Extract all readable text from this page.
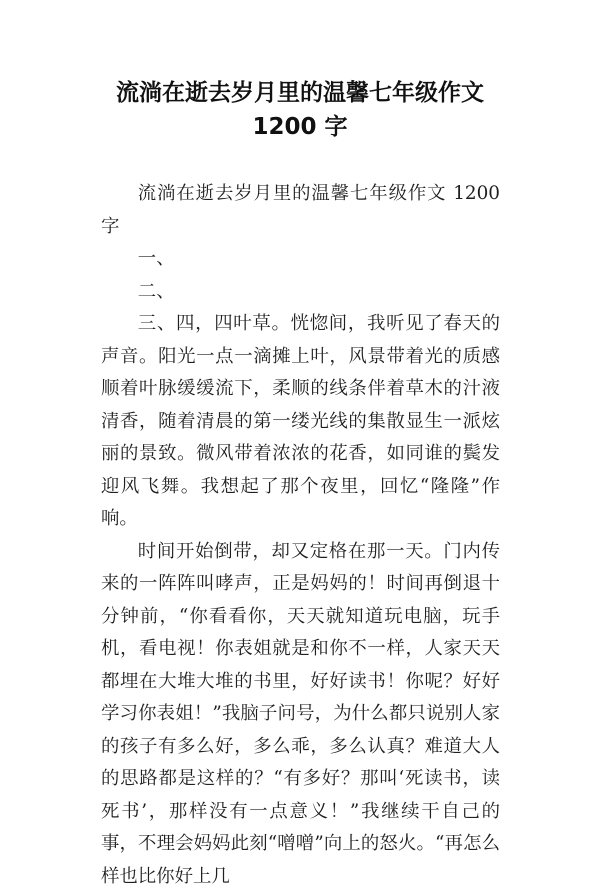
流淌在逝去岁月里的温馨七年级作文
1200 字

流淌在逝去岁月里的温馨七年级作文 1200 字

一、

二、

三、四，四叶草。恍惚间，我听见了春天的声音。阳光一点一滴摊上叶，风景带着光的质感顺着叶脉缓缓流下，柔顺的线条伴着草木的汁液清香，随着清晨的第一缕光线的集散显生一派炫丽的景致。微风带着浓浓的花香，如同谁的鬓发迎风飞舞。我想起了那个夜里，回忆“隆隆”作响。

时间开始倒带，却又定格在那一天。门内传来的一阵阵叫哮声，正是妈妈的！时间再倒退十分钟前，“你看看你，天天就知道玩电脑，玩手机，看电视！你表姐就是和你不一样，人家天天都埋在大堆大堆的书里，好好读书！你呢？好好学习你表姐！”我脑子问号，为什么都只说别人家的孩子有多么好，多么乖，多么认真？难道大人的思路都是这样的？“有多好？那叫‘死读书，读死书’，那样没有一点意义！”我继续干自己的事，不理会妈妈此刻“噌噌”向上的怒火。“再怎么样也比你好上几
